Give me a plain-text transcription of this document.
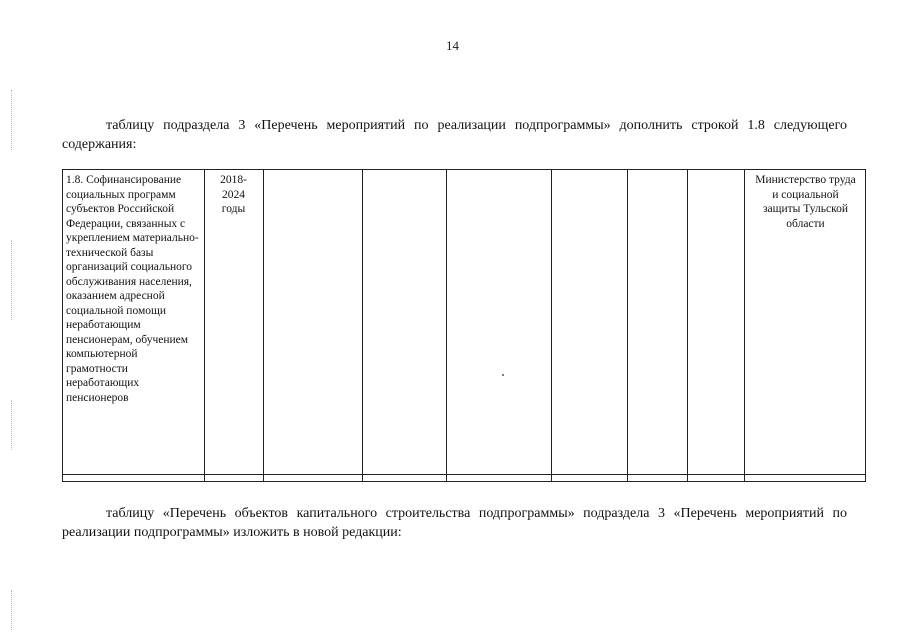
14
таблицу подраздела 3 «Перечень мероприятий по реализации подпрограммы» дополнить строкой 1.8 следующего содержания:
1.8. Софинансирование социальных программ субъектов Российской Федерации, связанных с укреплением материально-технической базы организаций социального обслуживания населения, оказанием адресной социальной помощи неработающим пенсионерам, обучением компьютерной грамотности неработающих пенсионеров
2018-
2024
годы
Министерство труда
и социальной
защиты Тульской
области
таблицу «Перечень объектов капитального строительства подпрограммы» подраздела 3 «Перечень мероприятий по реализации подпрограммы» изложить в новой редакции:
